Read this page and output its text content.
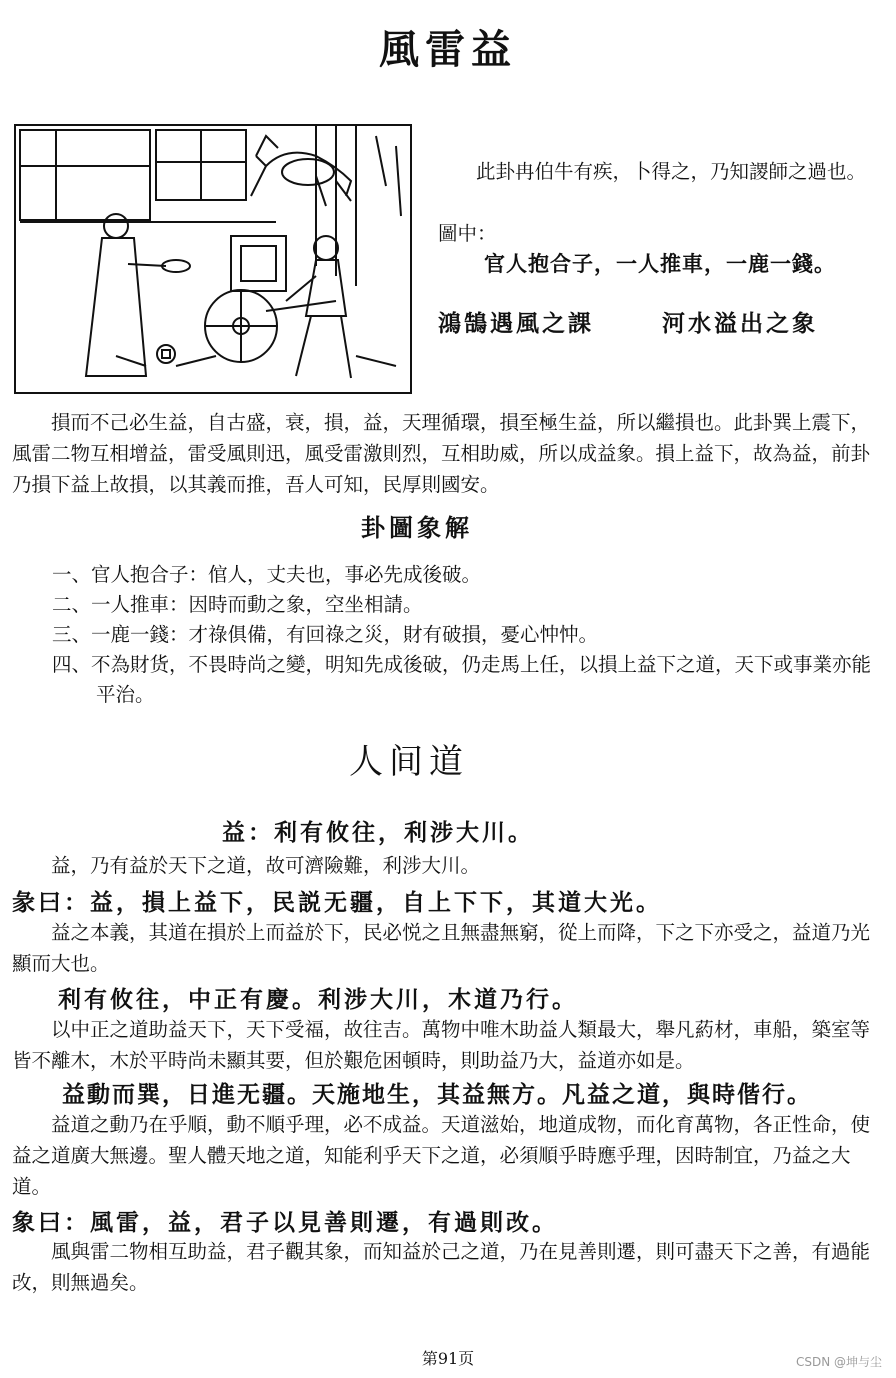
風雷益
此卦冉伯牛有疾，卜得之，乃知謖師之過也。
圖中：
官人抱合子，一人推車，一鹿一錢。
鴻鵠遇風之課	河水溢出之象
損而不己必生益，自古盛，衰，損，益，天理循環，損至極生益，所以繼損也。此卦巽上震下，風雷二物互相增益，雷受風則迅，風受雷激則烈，互相助威，所以成益象。損上益下，故為益，前卦乃損下益上故損，以其義而推，吾人可知，民厚則國安。
卦圖象解
一、官人抱合子：倌人，丈夫也，事必先成後破。
二、一人推車：因時而動之象，空坐相請。
三、一鹿一錢：才祿俱備，有回祿之災，財有破損，憂心忡忡。
四、不為財货，不畏時尚之變，明知先成後破，仍走馬上任，以損上益下之道，天下或事業亦能平治。
人间道
益：利有攸往，利涉大川。
益，乃有益於天下之道，故可濟險難，利涉大川。
彖曰：益，損上益下，民説无疆，自上下下，其道大光。
益之本義，其道在損於上而益於下，民必悦之且無盡無窮，從上而降，下之下亦受之，益道乃光顯而大也。
利有攸往，中正有慶。利涉大川，木道乃行。
以中正之道助益天下，天下受福，故往吉。萬物中唯木助益人類最大，舉凡葯材，車船，築室等皆不離木，木於平時尚未顯其要，但於艱危困頓時，則助益乃大，益道亦如是。
益動而巽，日進无疆。天施地生，其益無方。凡益之道，與時偕行。
益道之動乃在乎順，動不順乎理，必不成益。天道滋始，地道成物，而化育萬物，各正性命，使益之道廣大無邊。聖人體天地之道，知能利乎天下之道，必須順乎時應乎理，因時制宜，乃益之大道。
象曰：風雷，益，君子以見善則遷，有過則改。
風與雷二物相互助益，君子觀其象，而知益於己之道，乃在見善則遷，則可盡天下之善，有過能改，則無過矣。
第91页	CSDN @坤与尘
